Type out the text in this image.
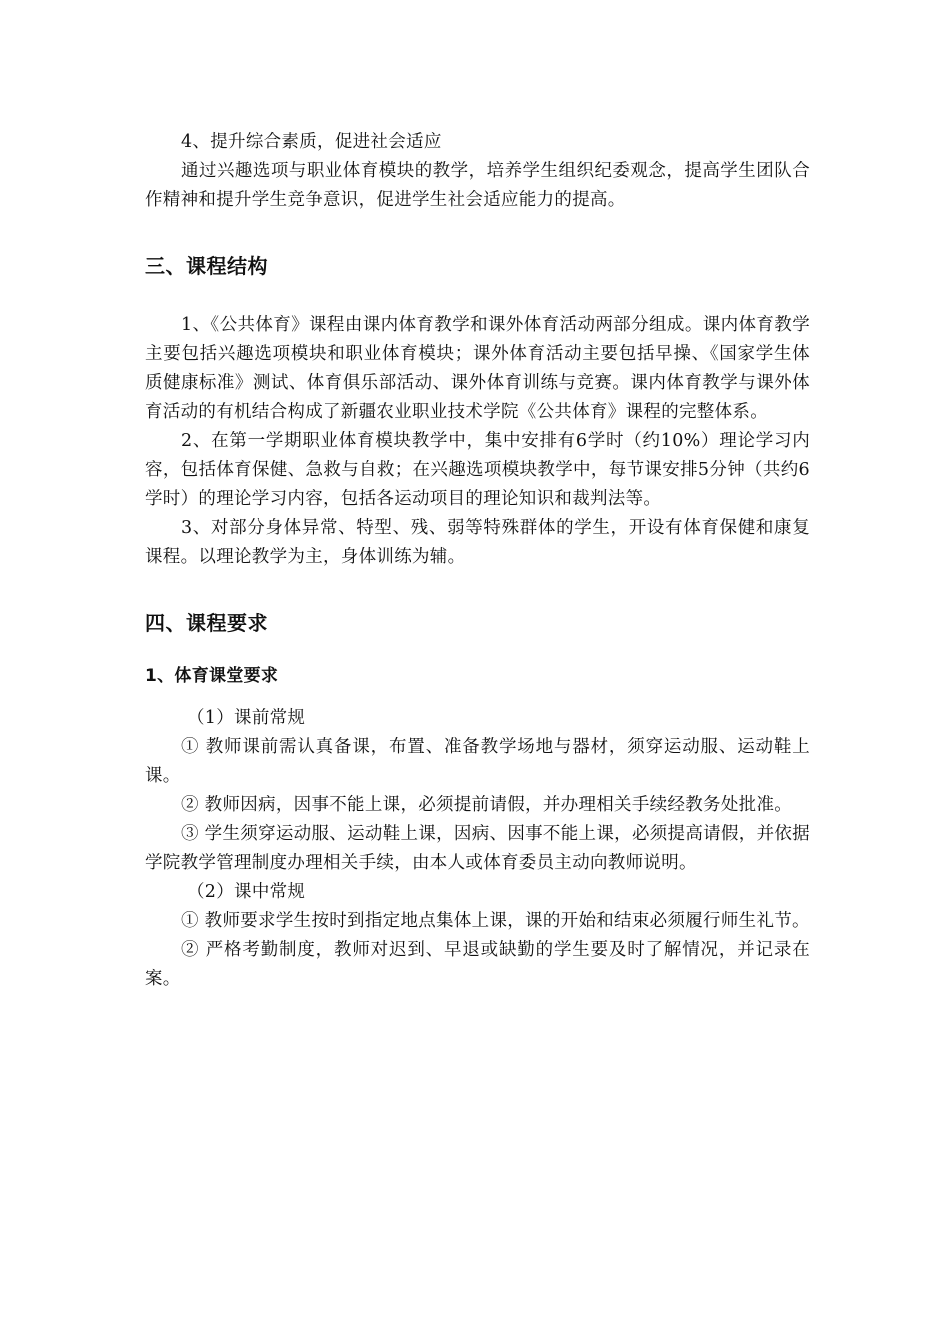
4、提升综合素质，促进社会适应

通过兴趣选项与职业体育模块的教学，培养学生组织纪委观念，提高学生团队合作精神和提升学生竞争意识，促进学生社会适应能力的提高。

三、课程结构

1、《公共体育》课程由课内体育教学和课外体育活动两部分组成。课内体育教学主要包括兴趣选项模块和职业体育模块；课外体育活动主要包括早操、《国家学生体质健康标准》测试、体育俱乐部活动、课外体育训练与竞赛。课内体育教学与课外体育活动的有机结合构成了新疆农业职业技术学院《公共体育》课程的完整体系。

2、在第一学期职业体育模块教学中，集中安排有6学时（约10%）理论学习内容，包括体育保健、急救与自救；在兴趣选项模块教学中，每节课安排5分钟（共约6学时）的理论学习内容，包括各运动项目的理论知识和裁判法等。

3、对部分身体异常、特型、残、弱等特殊群体的学生，开设有体育保健和康复课程。以理论教学为主，身体训练为辅。

四、课程要求
1、体育课堂要求

（1）课前常规

① 教师课前需认真备课，布置、准备教学场地与器材，须穿运动服、运动鞋上课。

② 教师因病，因事不能上课，必须提前请假，并办理相关手续经教务处批准。

③ 学生须穿运动服、运动鞋上课，因病、因事不能上课，必须提高请假，并依据学院教学管理制度办理相关手续，由本人或体育委员主动向教师说明。

（2）课中常规

① 教师要求学生按时到指定地点集体上课，课的开始和结束必须履行师生礼节。

② 严格考勤制度，教师对迟到、早退或缺勤的学生要及时了解情况，并记录在案。
